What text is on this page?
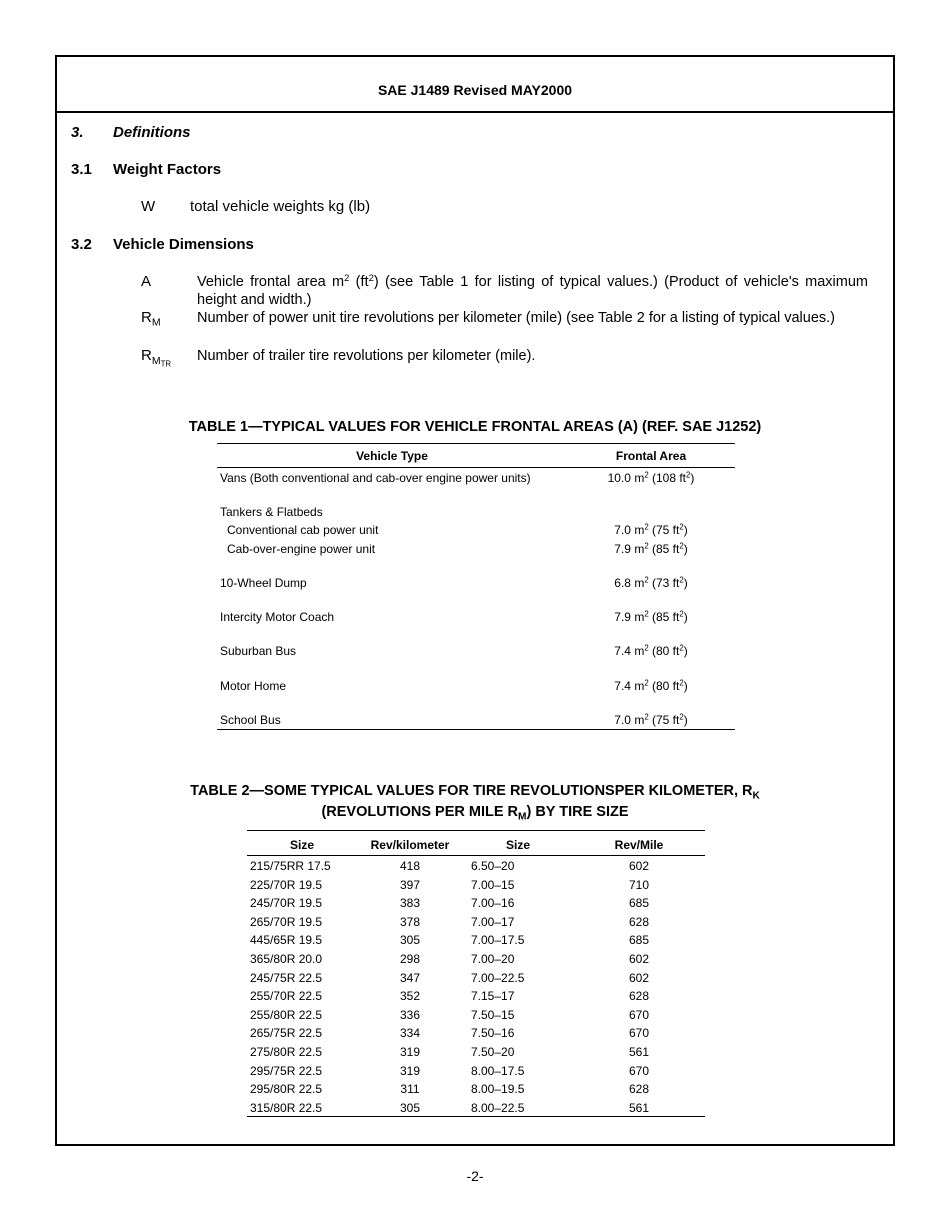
SAE J1489 Revised MAY2000
3. Definitions
3.1 Weight Factors
W total vehicle weights kg (lb)
3.2 Vehicle Dimensions
A	Vehicle frontal area $m^2$ $(ft^2)$ (see Table 1 for listing of typical values.) (Product of vehicle's maximum height and width.)
$R_M$	Number of power unit tire revolutions per kilometer (mile) (see Table 2 for a listing of typical values.)
$R_{M_{TR}}$ Number of trailer tire revolutions per kilometer (mile).
TABLE 1—TYPICAL VALUES FOR VEHICLE FRONTAL AREAS (A) (REF. SAE J1252)
Vehicle Type	Frontal Area
Vans (Both conventional and cab-over engine power units)	10.0 $m^2$ (108 $ft^2$)
Tankers & Flatbeds
Conventional cab power unit	7.0 $m^2$ (75 $ft^2$)
Cab-over-engine power unit	7.9 $m^2$ (85 $ft^2$)
10-Wheel Dump	6.8 $m^2$ (73 $ft^2$)
Intercity Motor Coach	7.9 $m^2$ (85 $ft^2$)
Suburban Bus	7.4 $m^2$ (80 $ft^2$)
Motor Home	7.4 $m^2$ (80 $ft^2$)
School Bus	7.0 $m^2$ (75 $ft^2$)
TABLE 2—SOME TYPICAL VALUES FOR TIRE REVOLUTIONSPER KILOMETER, $R_K$
(REVOLUTIONS PER MILE $R_M$) BY TIRE SIZE
Size	Rev/kilometer	Size	Rev/Mile
215/75RR 17.5	418	6.50–20	602
225/70R 19.5	397	7.00–15	710
245/70R 19.5	383	7.00–16	685
265/70R 19.5	378	7.00–17	628
445/65R 19.5	305	7.00–17.5	685
365/80R 20.0	298	7.00–20	602
245/75R 22.5	347	7.00–22.5	602
255/70R 22.5	352	7.15–17	628
255/80R 22.5	336	7.50–15	670
265/75R 22.5	334	7.50–16	670
275/80R 22.5	319	7.50–20	561
295/75R 22.5	319	8.00–17.5	670
295/80R 22.5	311	8.00–19.5	628
315/80R 22.5	305	8.00–22.5	561
-2-
